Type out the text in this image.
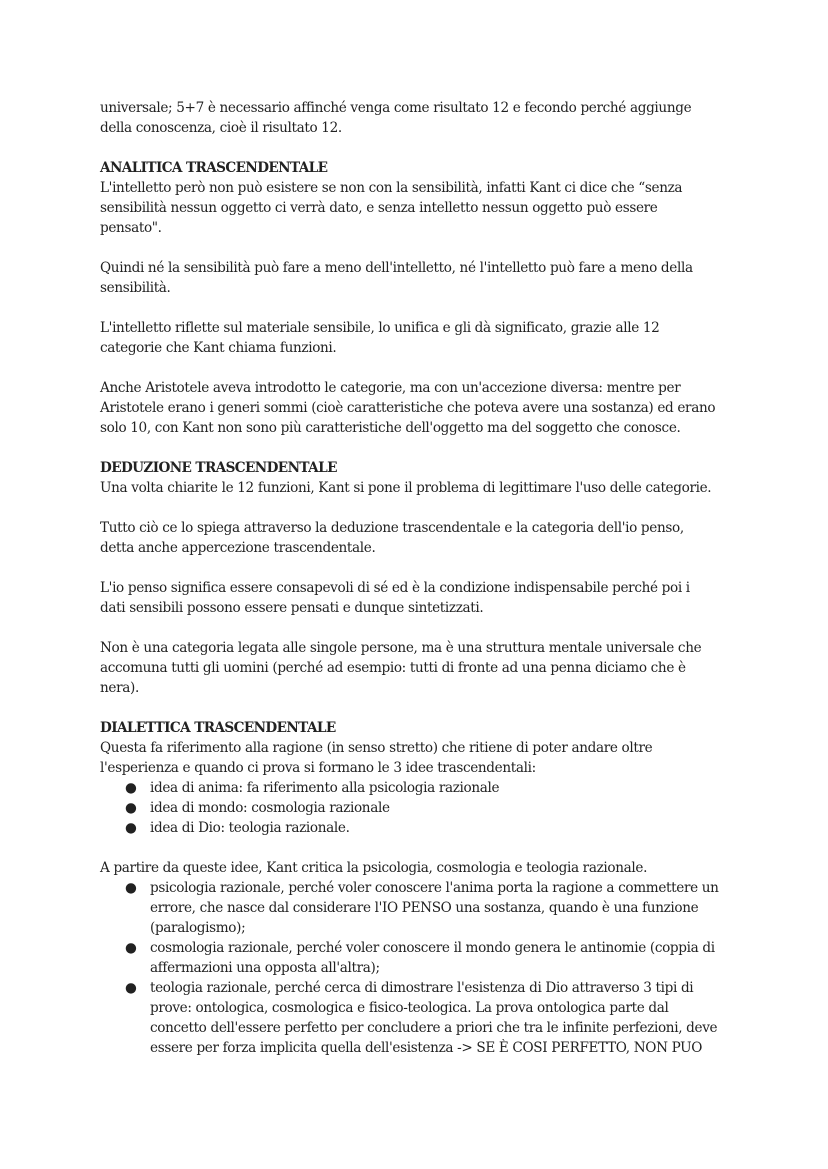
universale; 5+7 è necessario affinché venga come risultato 12 e fecondo perché aggiunge
della conoscenza, cioè il risultato 12.
ANALITICA TRASCENDENTALE
L'intelletto però non può esistere se non con la sensibilità, infatti Kant ci dice che “senza
sensibilità nessun oggetto ci verrà dato, e senza intelletto nessun oggetto può essere
pensato".
Quindi né la sensibilità può fare a meno dell'intelletto, né l'intelletto può fare a meno della
sensibilità.
L'intelletto riflette sul materiale sensibile, lo unifica e gli dà significato, grazie alle 12
categorie che Kant chiama funzioni.
Anche Aristotele aveva introdotto le categorie, ma con un'accezione diversa: mentre per
Aristotele erano i generi sommi (cioè caratteristiche che poteva avere una sostanza) ed erano
solo 10, con Kant non sono più caratteristiche dell'oggetto ma del soggetto che conosce.
DEDUZIONE TRASCENDENTALE
Una volta chiarite le 12 funzioni, Kant si pone il problema di legittimare l'uso delle categorie.
Tutto ciò ce lo spiega attraverso la deduzione trascendentale e la categoria dell'io penso,
detta anche appercezione trascendentale.
L'io penso significa essere consapevoli di sé ed è la condizione indispensabile perché poi i
dati sensibili possono essere pensati e dunque sintetizzati.
Non è una categoria legata alle singole persone, ma è una struttura mentale universale che
accomuna tutti gli uomini (perché ad esempio: tutti di fronte ad una penna diciamo che è
nera).
DIALETTICA TRASCENDENTALE
Questa fa riferimento alla ragione (in senso stretto) che ritiene di poter andare oltre
l'esperienza e quando ci prova si formano le 3 idee trascendentali:
● idea di anima: fa riferimento alla psicologia razionale
● idea di mondo: cosmologia razionale
● idea di Dio: teologia razionale.
A partire da queste idee, Kant critica la psicologia, cosmologia e teologia razionale.
● psicologia razionale, perché voler conoscere l'anima porta la ragione a commettere un
errore, che nasce dal considerare l'IO PENSO una sostanza, quando è una funzione
(paralogismo);
● cosmologia razionale, perché voler conoscere il mondo genera le antinomie (coppia di
affermazioni una opposta all'altra);
● teologia razionale, perché cerca di dimostrare l'esistenza di Dio attraverso 3 tipi di
prove: ontologica, cosmologica e fisico-teologica. La prova ontologica parte dal
concetto dell'essere perfetto per concludere a priori che tra le infinite perfezioni, deve
essere per forza implicita quella dell'esistenza -> SE È COSI PERFETTO, NON PUO
